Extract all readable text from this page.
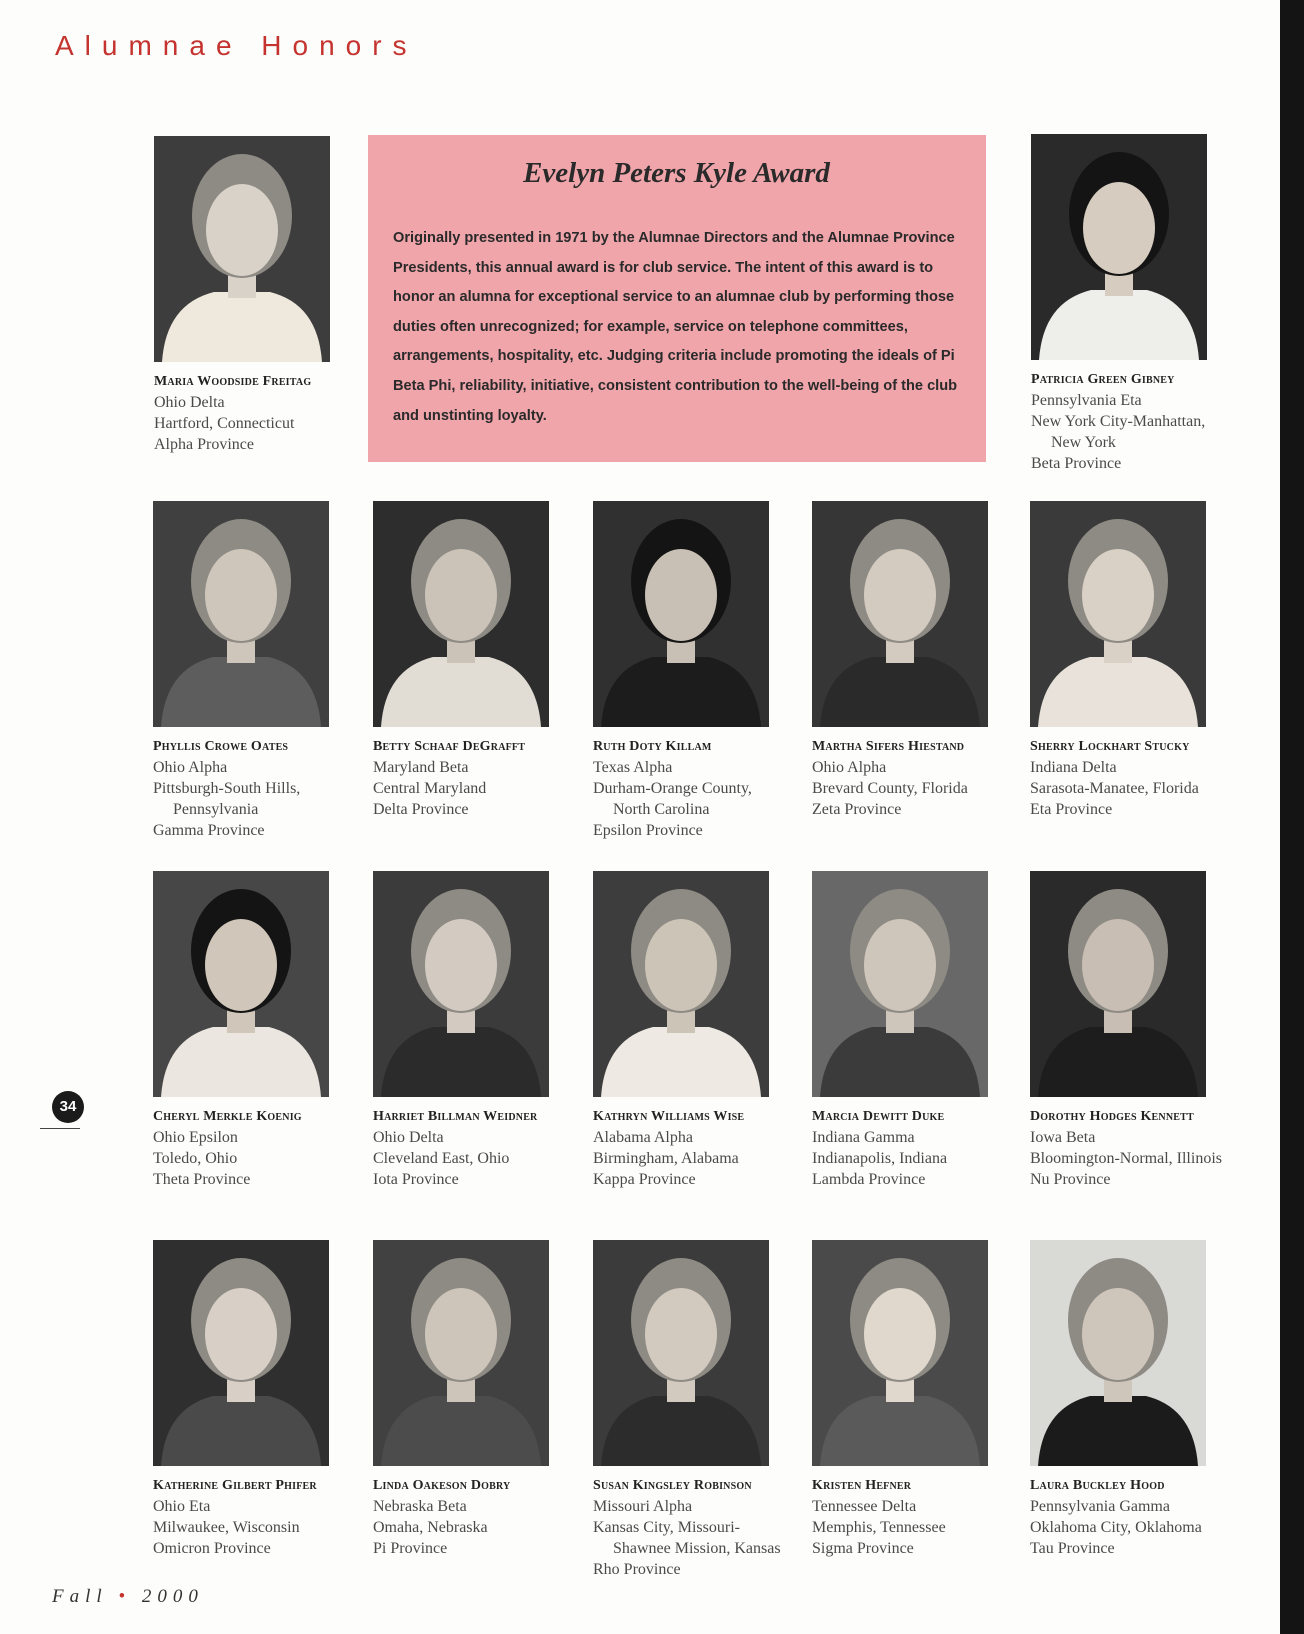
Alumnae Honors
Evelyn Peters Kyle Award

Originally presented in 1971 by the Alumnae Directors and the Alumnae Province Presidents, this annual award is for club service. The intent of this award is to honor an alumna for exceptional service to an alumnae club by performing those duties often unrecognized; for example, service on telephone committees, arrangements, hospitality, etc. Judging criteria include promoting the ideals of Pi Beta Phi, reliability, initiative, consistent contribution to the well-being of the club and unstinting loyalty.

Maria Woodside Freitag
Ohio Delta
Hartford, Connecticut
Alpha Province
Patricia Green Gibney
Pennsylvania Eta
New York City-Manhattan,
New York
Beta Province
Phyllis Crowe Oates
Ohio Alpha
Pittsburgh-South Hills,
Pennsylvania
Gamma Province
Betty Schaaf DeGrafft
Maryland Beta
Central Maryland
Delta Province
Ruth Doty Killam
Texas Alpha
Durham-Orange County,
North Carolina
Epsilon Province
Martha Sifers Hiestand
Ohio Alpha
Brevard County, Florida
Zeta Province
Sherry Lockhart Stucky
Indiana Delta
Sarasota-Manatee, Florida
Eta Province
Cheryl Merkle Koenig
Ohio Epsilon
Toledo, Ohio
Theta Province
Harriet Billman Weidner
Ohio Delta
Cleveland East, Ohio
Iota Province
Kathryn Williams Wise
Alabama Alpha
Birmingham, Alabama
Kappa Province
Marcia Dewitt Duke
Indiana Gamma
Indianapolis, Indiana
Lambda Province
Dorothy Hodges Kennett
Iowa Beta
Bloomington-Normal, Illinois
Nu Province
Katherine Gilbert Phifer
Ohio Eta
Milwaukee, Wisconsin
Omicron Province
Linda Oakeson Dobry
Nebraska Beta
Omaha, Nebraska
Pi Province
Susan Kingsley Robinson
Missouri Alpha
Kansas City, Missouri-
Shawnee Mission, Kansas
Rho Province
Kristen Hefner
Tennessee Delta
Memphis, Tennessee
Sigma Province
Laura Buckley Hood
Pennsylvania Gamma
Oklahoma City, Oklahoma
Tau Province
34
Fall • 2000
